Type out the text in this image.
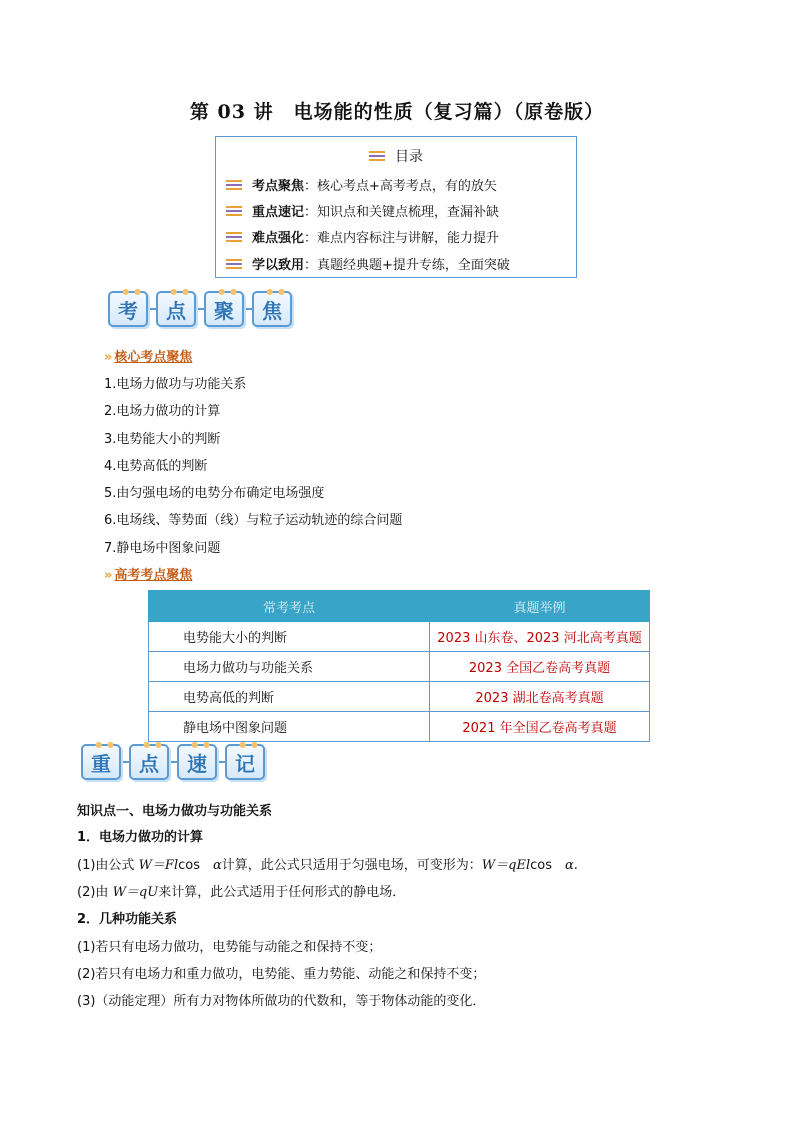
第 03 讲　电场能的性质（复习篇）（原卷版）
目录
考点聚焦：核心考点+高考考点，有的放矢
重点速记：知识点和关键点梳理，查漏补缺
难点强化：难点内容标注与讲解，能力提升
学以致用：真题经典题+提升专练，全面突破
● ●
考
● ●
点
● ●
聚
● ●
焦
» 核心考点聚焦
1.电场力做功与功能关系
2.电场力做功的计算
3.电势能大小的判断
4.电势高低的判断
5.由匀强电场的电势分布确定电场强度
6.电场线、等势面（线）与粒子运动轨迹的综合问题
7.静电场中图象问题
» 高考考点聚焦
常考考点	真题举例
电势能大小的判断	2023 山东卷、2023 河北高考真题
电场力做功与功能关系	2023 全国乙卷高考真题
电势高低的判断	2023 湖北卷高考真题
静电场中图象问题	2021 年全国乙卷高考真题
● ●
重
● ●
点
● ●
速
● ●
记
知识点一、电场力做功与功能关系
1．电场力做功的计算
(1)由公式 W＝Flcos　α计算，此公式只适用于匀强电场，可变形为：W＝qElcos　α.
(2)由 W＝qU来计算，此公式适用于任何形式的静电场．
2．几种功能关系
(1)若只有电场力做功，电势能与动能之和保持不变；
(2)若只有电场力和重力做功，电势能、重力势能、动能之和保持不变；
(3)（动能定理）所有力对物体所做功的代数和，等于物体动能的变化．
